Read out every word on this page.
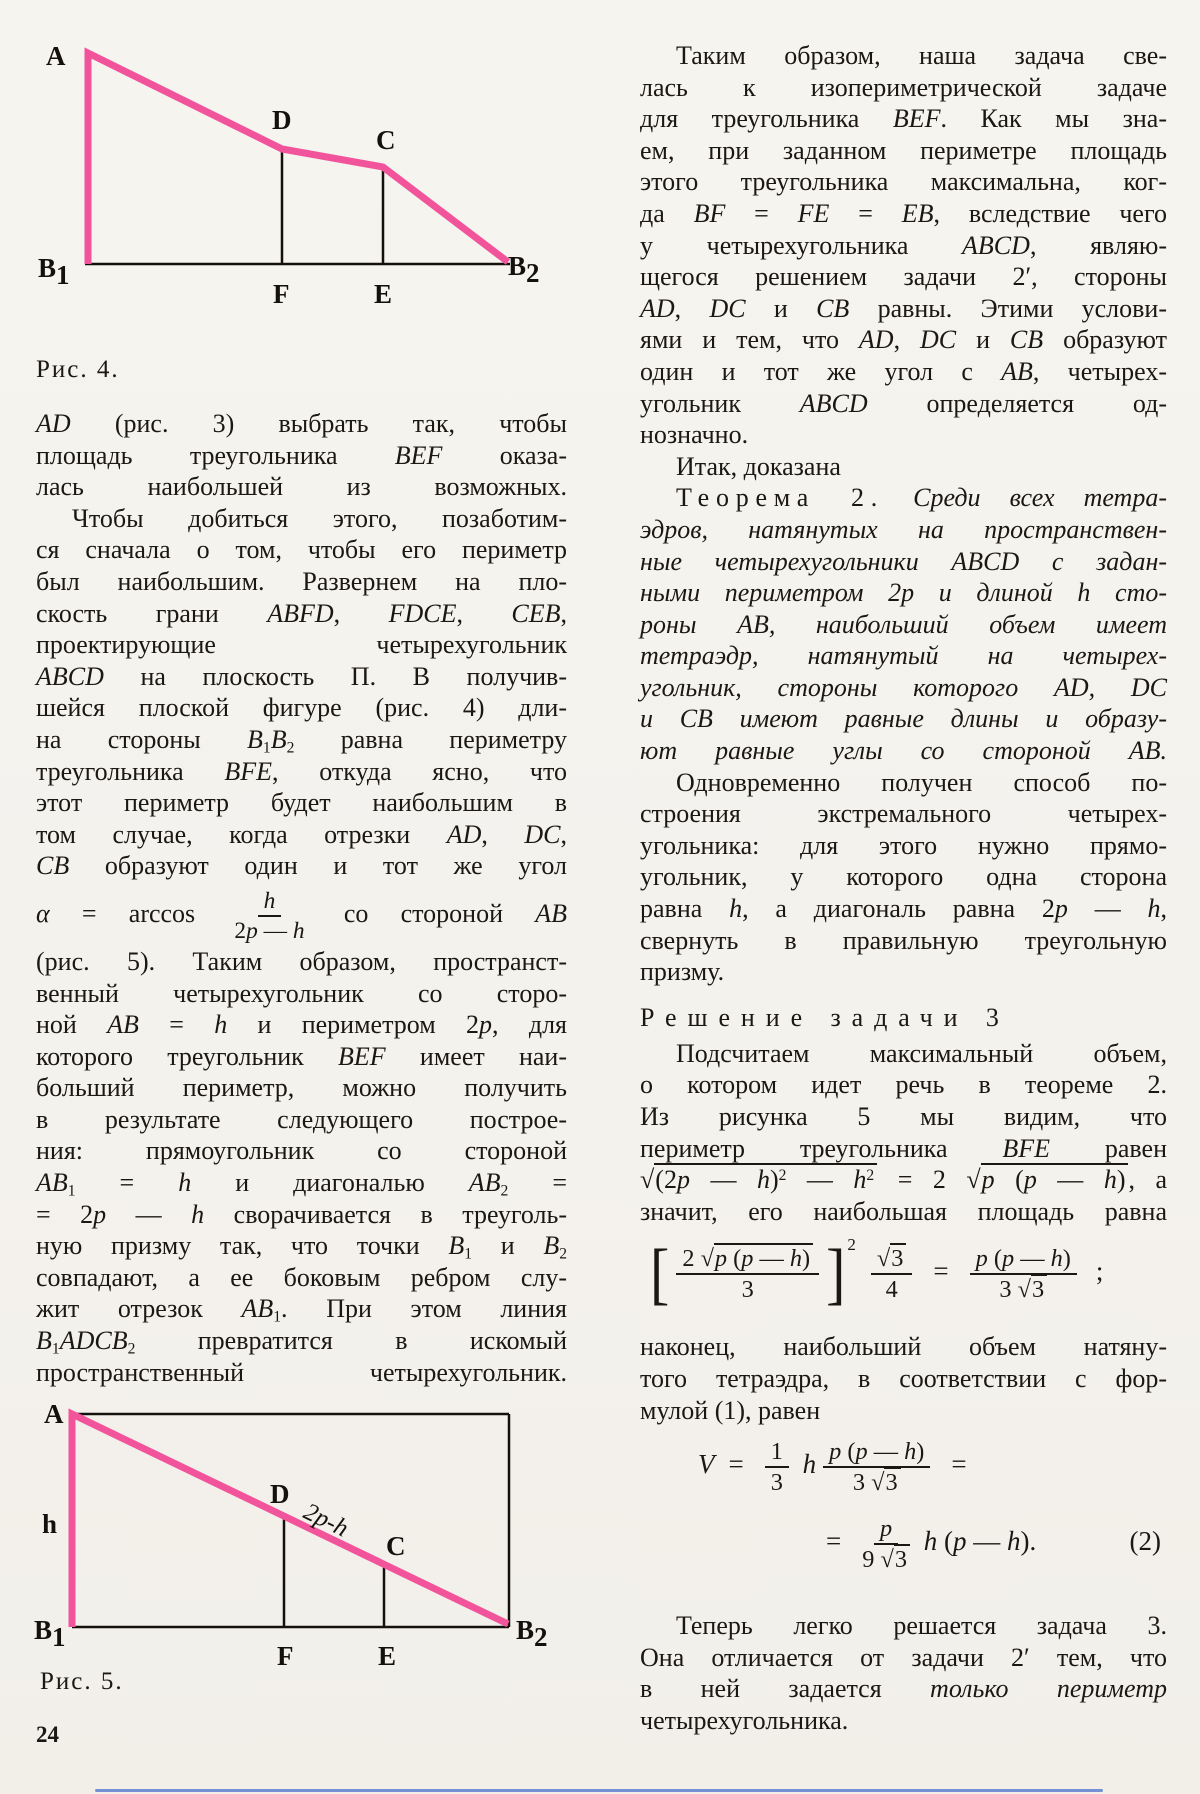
A
D
C
B1	B2
F	E
Рис. 4.
AD (рис. 3) выбрать так, чтобы
площадь треугольника BEF оказа-
лась наибольшей из возможных.
Чтобы добиться этого, позаботим-
ся сначала о том, чтобы его периметр
был наибольшим. Развернем на пло-
скость грани ABFD, FDCE, CEB,
проектирующие четырехугольник
ABCD на плоскость П. В получив-
шейся плоской фигуре (рис. 4) дли-
на стороны $B_1B_2$ равна периметру
треугольника BFE, откуда ясно, что
этот периметр будет наибольшим в
том случае, когда отрезки AD, DC,
CB образуют один и тот же угол
$\alpha = \arccos \frac{h}{2p — h}$ со стороной AB
(рис. 5). Таким образом, пространст-
венный четырехугольник со сторо-
ной AB = h и периметром 2p, для
которого треугольник BEF имеет наи-
больший периметр, можно получить
в результате следующего построе-
ния: прямоугольник со стороной
$AB_1 = h$ и диагональю $AB_2$ =
= 2p — h сворачивается в треуголь-
ную призму так, что точки $B_1$ и $B_2$
совпадают, а ее боковым ребром слу-
жит отрезок $AB_1$. При этом линия
$B_1ADCB_2$ превратится в искомый
пространственный четырехугольник.
Таким образом, наша задача све-
лась к изопериметрической задаче
для треугольника BEF. Как мы зна-
ем, при заданном периметре площадь
этого треугольника максимальна, ког-
да BF = FE = EB, вследствие чего
у четырехугольника ABCD, являю-
щегося решением задачи 2′, стороны
AD, DC и CB равны. Этими услови-
ями и тем, что AD, DC и CB образуют
один и тот же угол с AB, четырех-
угольник ABCD определяется од-
нозначно.
Итак, доказана
Теорема 2. Среди всех тетра-
эдров, натянутых на пространствен-
ные четырехугольники ABCD с задан-
ными периметром 2p и длиной h сто-
роны AB, наибольший объем имеет
тетраэдр, натянутый на четырех-
угольник, стороны которого AD, DC
и CB имеют равные длины и образу-
ют равные углы со стороной AB.
Одновременно получен способ по-
строения экстремального четырех-
угольника: для этого нужно прямо-
угольник, у которого одна сторона
равна h, а диагональ равна 2p — h,
свернуть в правильную треугольную
призму.
Решение задачи 3
Подсчитаем максимальный объем,
о котором идет речь в теореме 2.
Из рисунка 5 мы видим, что
периметр треугольника BFE равен
√(2p — h)$^2$ — $h^2 = 2$ √p (p — h) , а
значит, его наибольшая площадь равна
[ $\frac{2 √p (p — h)}{3}$ ] $^2$
$\frac{√3}{4} = \frac{p (p — h)}{3 √3}$ ;
наконец, наибольший объем натяну-
того тетраэдра, в соответствии с фор-
мулой (1), равен
$V = \frac{1}{3}$ h $\frac{p (p — h)}{3 √3}$ =
= $\frac{p}{9 √3}$ h (p — h).	(2)
Теперь легко решается задача 3.
Она отличается от задачи 2′ тем, что
в ней задается только периметр
четырехугольника.
A
h
D
C
2p-h
B1	B2
F	E
Рис. 5.
24
